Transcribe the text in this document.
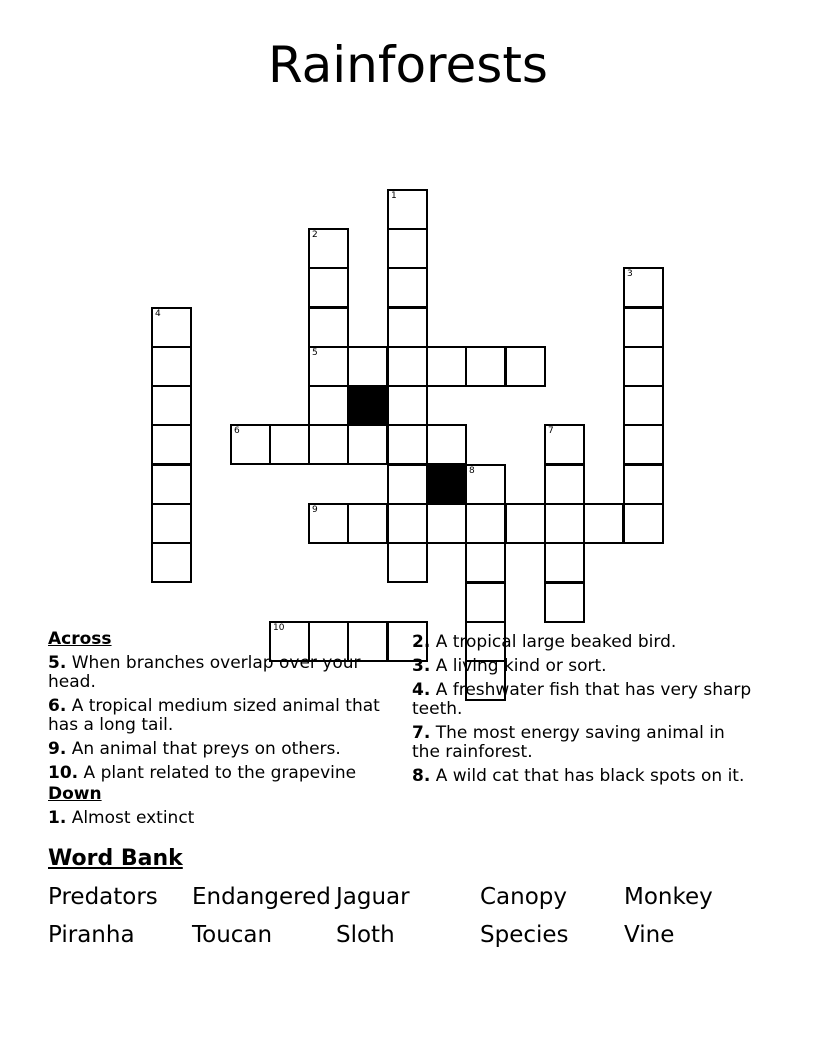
Rainforests
1
2
3
4
5
6	7
8
9
10
Across
5. When branches overlap over your head.
6. A tropical medium sized animal that has a long tail.
9. An animal that preys on others.
10. A plant related to the grapevine
Down
1. Almost extinct
2. A tropical large beaked bird.
3. A living kind or sort.
4. A freshwater fish that has very sharp teeth.
7. The most energy saving animal in the rainforest.
8. A wild cat that has black spots on it.
Word Bank
Predators Endangered Jaguar	Canopy Monkey
Piranha Toucan	Sloth	Species Vine
